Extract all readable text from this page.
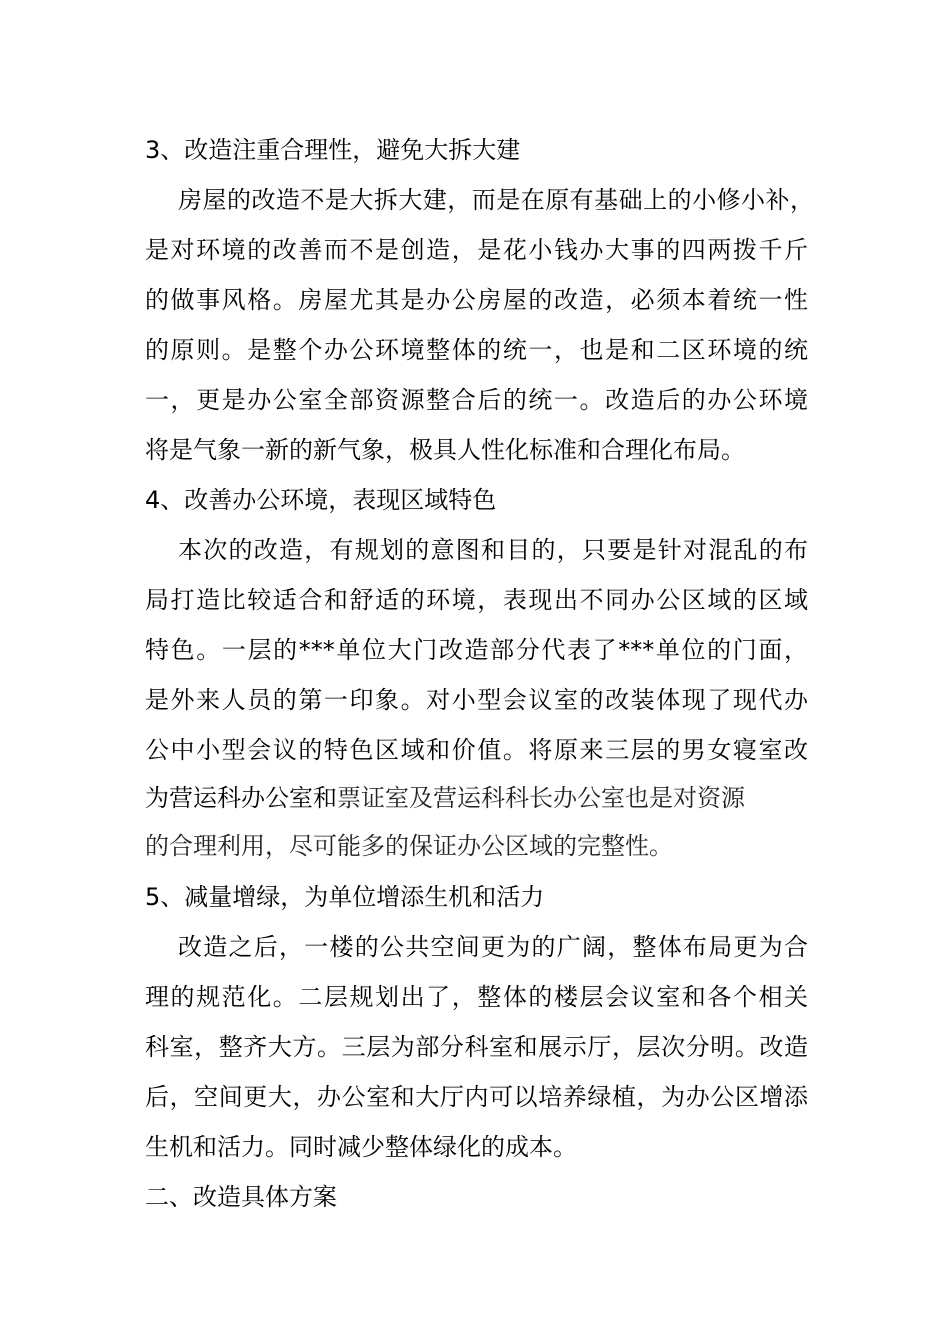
3、改造注重合理性，避免大拆大建
房屋的改造不是大拆大建，而是在原有基础上的小修小补，
是对环境的改善而不是创造，是花小钱办大事的四两拨千斤
的做事风格。房屋尤其是办公房屋的改造，必须本着统一性
的原则。是整个办公环境整体的统一，也是和二区环境的统
一，更是办公室全部资源整合后的统一。改造后的办公环境
将是气象一新的新气象，极具人性化标准和合理化布局。
4、改善办公环境，表现区域特色
本次的改造，有规划的意图和目的，只要是针对混乱的布
局打造比较适合和舒适的环境，表现出不同办公区域的区域
特色。一层的***单位大门改造部分代表了***单位的门面，
是外来人员的第一印象。对小型会议室的改装体现了现代办
公中小型会议的特色区域和价值。将原来三层的男女寝室改
为营运科办公室和票证室及营运科科长办公室也是对资源
的合理利用，尽可能多的保证办公区域的完整性。
5、减量增绿，为单位增添生机和活力
改造之后，一楼的公共空间更为的广阔，整体布局更为合
理的规范化。二层规划出了，整体的楼层会议室和各个相关
科室，整齐大方。三层为部分科室和展示厅，层次分明。改造
后，空间更大，办公室和大厅内可以培养绿植，为办公区增添
生机和活力。同时减少整体绿化的成本。
二、改造具体方案
